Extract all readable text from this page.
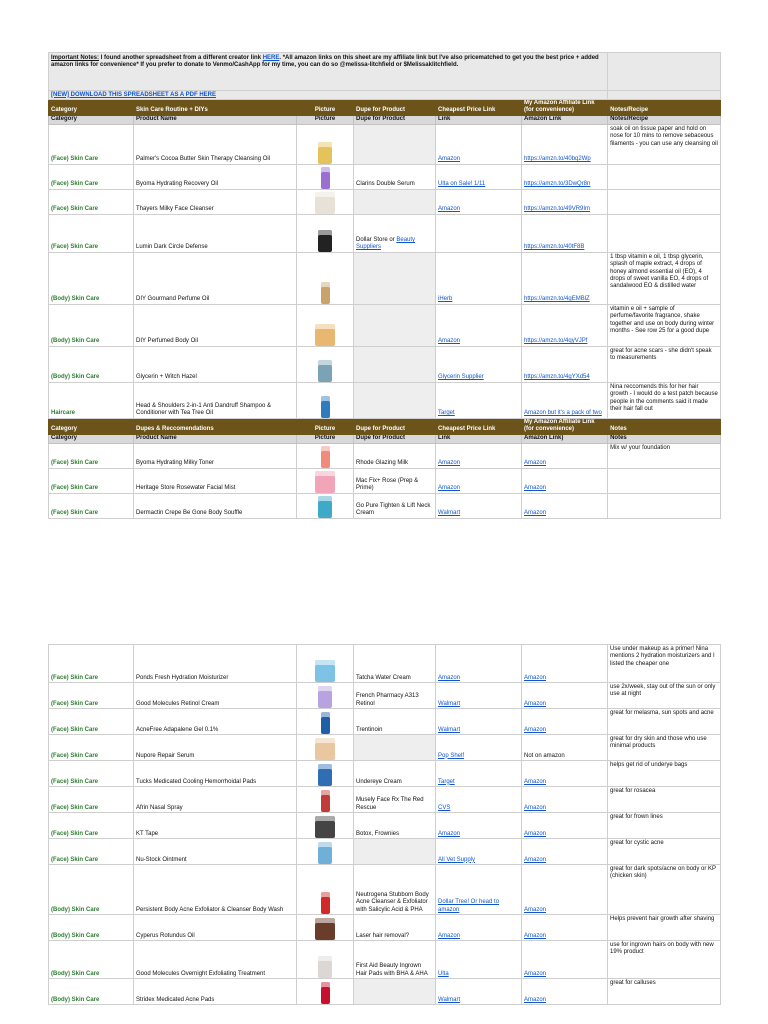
Important Notes: I found another spreadsheet from a different creator link HERE. *All amazon links on this sheet are my affiliate link but I've also pricematched to get you the best price + added amazon links for convenience* If you prefer to donate to Venmo/CashApp for my time, you can do so @melissa-litchfield or $Melissaklitchfield.						
[NEW] DOWNLOAD THIS SPREADSHEET AS A PDF HERE						
Category	Skin Care Routine + DIYs	Picture	Dupe for Product	Cheapest Price Link	My Amazon Affiliate Link (for convenience)	Notes/Recipe
Category	Product Name	Picture	Dupe for Product	Link	Amazon Link	Notes/Recipe
(Face) Skin Care	Palmer's Cocoa Butter Skin Therapy Cleansing Oil			Amazon	https://amzn.to/40bq2Wp	soak oil on tissue paper and hold on nose for 10 mins to remove sebaceous filaments - you can use any cleansing oil
(Face) Skin Care	Byoma Hydrating Recovery Oil		Clarins Double Serum	Ulta on Sale! 1/11	https://amzn.to/3DwQr8n	
(Face) Skin Care	Thayers Milky Face Cleanser			Amazon	https://amzn.to/49VR9Im	
(Face) Skin Care	Lumin Dark Circle Defense		Dollar Store or Beauty Suppliers		https://amzn.to/40tF8B	
(Body) Skin Care	DIY Gourmand Perfume Oil			iHerb	https://amzn.to/4gEMBlZ	1 tbsp vitamin e oil, 1 tbsp glycerin, splash of maple extract, 4 drops of honey almond essential oil (EO), 4 drops of sweet vanilla EO, 4 drops of sandalwood EO & distilled water
(Body) Skin Care	DIY Perfumed Body Oil			Amazon	https://amzn.to/4qyVJPf	vitamin e oil + sample of perfume/favorite fragrance, shake together and use on body during winter months - See row 25 for a good dupe
(Body) Skin Care	Glycerin + Witch Hazel			Glycerin Supplier	https://amzn.to/4gYXd54	great for acne scars - she didn't speak to measurements
Haircare	Head & Shoulders 2-in-1 Anti Dandruff Shampoo & Conditioner with Tea Tree Oil			Target	Amazon but it's a pack of two	Nina reccomends this for her hair growth - I would do a test patch because people in the comments said it made their hair fall out
Category	Dupes & Reccomendations	Picture	Dupe for Product	Cheapest Price Link	My Amazon Affiliate Link (for convenience)	Notes
Category	Product Name	Picture	Dupe for Product	Link	Amazon Link)	Notes
(Face) Skin Care	Byoma Hydrating Milky Toner		Rhode Glazing Milk	Amazon	Amazon	Mix w/ your foundation
(Face) Skin Care	Heritage Store Rosewater Facial Mist		Mac Fix+ Rose (Prep & Prime)	Amazon	Amazon	
(Face) Skin Care	Dermactin Crepe Be Gone Body Souffle		Go Pure Tighten & Lift Neck Cream	Walmart	Amazon	
(Face) Skin Care	Ponds Fresh Hydration Moisturizer		Tatcha Water Cream	Amazon	Amazon	Use under makeup as a primer! Nina mentions 2 hydration moisturizers and I listed the cheaper one
(Face) Skin Care	Good Molecules Retinol Cream		French Pharmacy A313 Retinol	Walmart	Amazon	use 2x/week, stay out of the sun or only use at night
(Face) Skin Care	AcneFree Adapalene Gel 0.1%		Trentinoin	Walmart	Amazon	great for melasma, sun spots and acne
(Face) Skin Care	Nupore Repair Serum			Pop Shelf	Not on amazon	great for dry skin and those who use minimal products
(Face) Skin Care	Tucks Medicated Cooling Hemorrhoidal Pads		Undereye Cream	Target	Amazon	helps get rid of underye bags
(Face) Skin Care	Afrin Nasal Spray		Musely Face Rx The Red Rescue	CVS	Amazon	great for rosacea
(Face) Skin Care	KT Tape		Botox, Frownies	Amazon	Amazon	great for frown lines
(Face) Skin Care	Nu-Stock Ointment			All Vet Supply	Amazon	great for cystic acne
(Body) Skin Care	Persistent Body Acne Exfoliator & Cleanser Body Wash		Neutrogena Stubborn Body Acne Cleanser & Exfoliator with Salicylic Acid & PHA	Dollar Tree! Or head to amazon	Amazon	great for dark spots/acne on body or KP (chicken skin)
(Body) Skin Care	Cyperus Rotundus Oil		Laser hair removal?	Amazon	Amazon	Helps prevent hair growth after shaving
(Body) Skin Care	Good Molecules Overnight Exfoliating Treatment		First Aid Beauty Ingrown Hair Pads with BHA & AHA	Ulta	Amazon	use for ingrown hairs on body with new 19% product
(Body) Skin Care	Stridex Medicated Acne Pads			Walmart	Amazon	great for calluses
